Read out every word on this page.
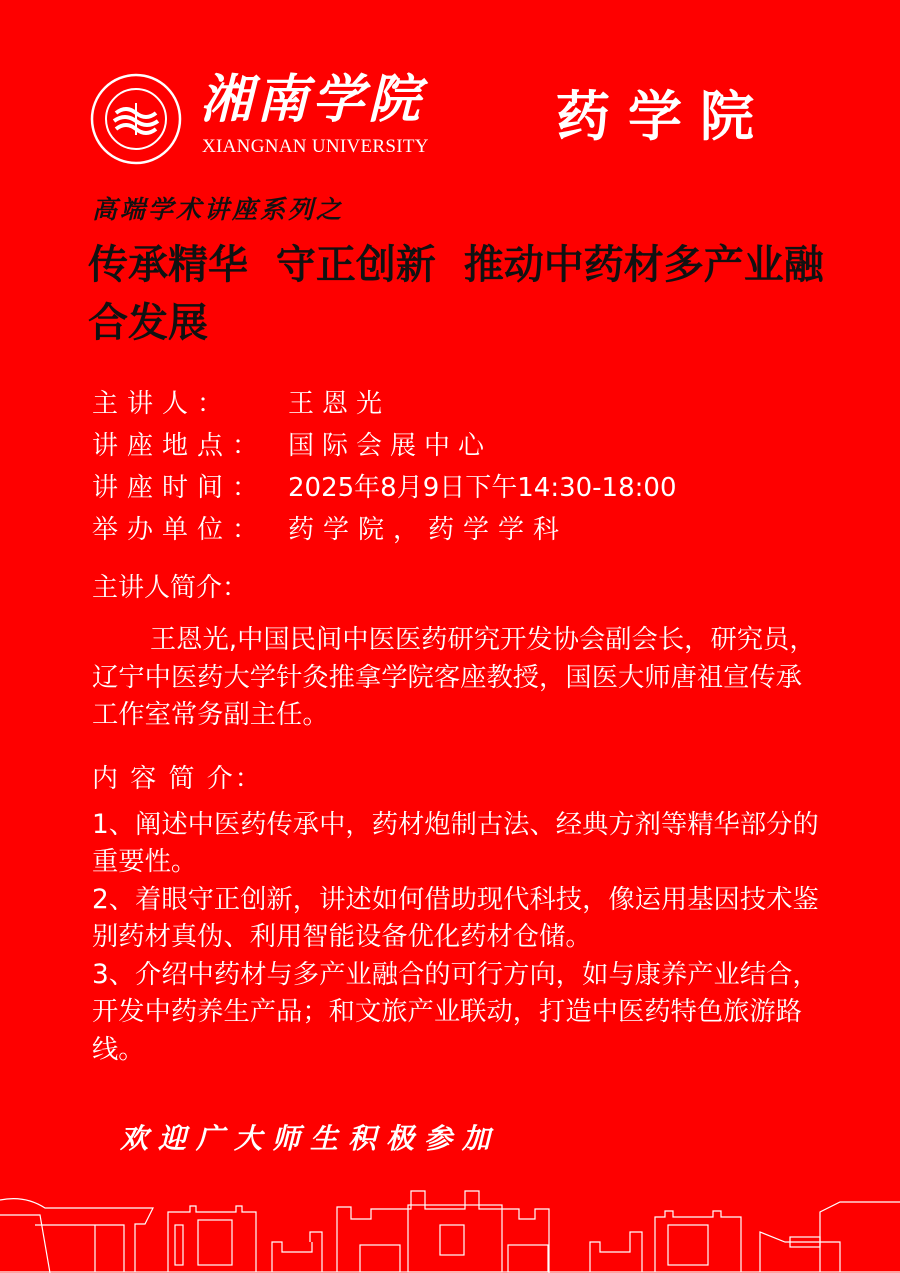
湘南学院
XIANGNAN UNIVERSITY 药学院
高端学术讲座系列之
传承精华  守正创新  推动中药材多产业融合发展
主讲人： 王恩光
讲座地点： 国际会展中心
讲座时间： 2025年8月9日下午14:30-18:00
举办单位： 药学院，药学学科
主讲人简介：
王恩光,中国民间中医医药研究开发协会副会长，研究员，辽宁中医药大学针灸推拿学院客座教授，国医大师唐祖宣传承工作室常务副主任。
内 容 简 介：
1、阐述中医药传承中，药材炮制古法、经典方剂等精华部分的重要性。
2、着眼守正创新，讲述如何借助现代科技，像运用基因技术鉴别药材真伪、利用智能设备优化药材仓储。
3、介绍中药材与多产业融合的可行方向，如与康养产业结合，开发中药养生产品；和文旅产业联动，打造中医药特色旅游路线。
欢迎广大师生积极参加
